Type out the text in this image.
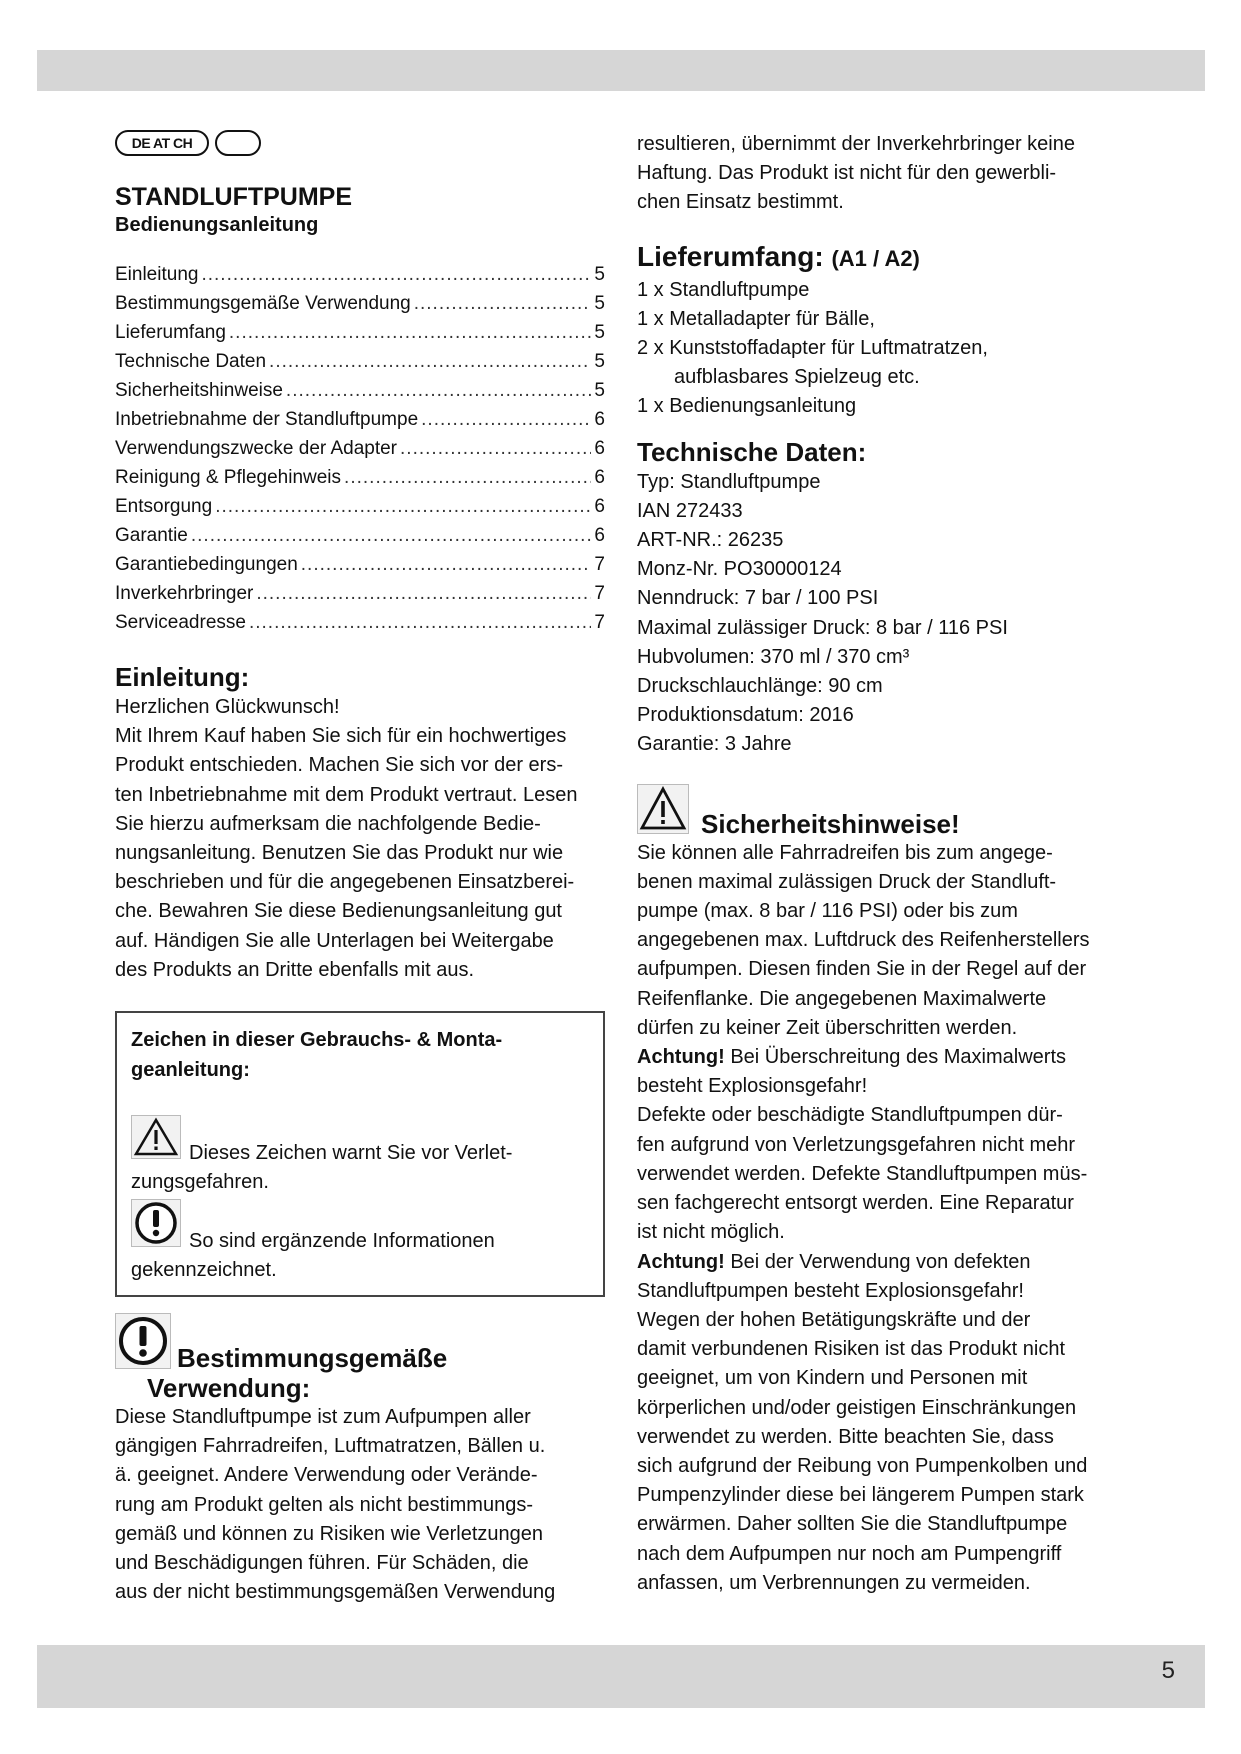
DE AT CH
STANDLUFTPUMPE
Bedienungsanleitung
Einleitung .....	5
Bestimmungsgemäße Verwendung .....	5
Lieferumfang .....	5
Technische Daten .....	5
Sicherheitshinweise .....	5
Inbetriebnahme der Standluftpumpe .....	6
Verwendungszwecke der Adapter .....	6
Reinigung & Pflegehinweis .....	6
Entsorgung .....	6
Garantie .....	6
Garantiebedingungen .....	7
Inverkehrbringer .....	7
Serviceadresse .....	7
Einleitung:

Herzlichen Glückwunsch!

Mit Ihrem Kauf haben Sie sich für ein hochwertiges

Produkt entschieden. Machen Sie sich vor der ers-

ten Inbetriebnahme mit dem Produkt vertraut. Lesen

Sie hierzu aufmerksam die nachfolgende Bedie-

nungsanleitung. Benutzen Sie das Produkt nur wie

beschrieben und für die angegebenen Einsatzberei-

che. Bewahren Sie diese Bedienungsanleitung gut

auf. Händigen Sie alle Unterlagen bei Weitergabe

des Produkts an Dritte ebenfalls mit aus.

Zeichen in dieser Gebrauchs- & Monta-
geanleitung:
Dieses Zeichen warnt Sie vor Verlet-
zungsgefahren.
So sind ergänzende Informationen
gekennzeichnet.
Bestimmungsgemäße
Verwendung:

Diese Standluftpumpe ist zum Aufpumpen aller

gängigen Fahrradreifen, Luftmatratzen, Bällen u.

ä. geeignet. Andere Verwendung oder Verände-

rung am Produkt gelten als nicht bestimmungs-

gemäß und können zu Risiken wie Verletzungen

und Beschädigungen führen. Für Schäden, die

aus der nicht bestimmungsgemäßen Verwendung

resultieren, übernimmt der Inverkehrbringer keine

Haftung. Das Produkt ist nicht für den gewerbli-

chen Einsatz bestimmt.

Lieferumfang: (A1 / A2)
1 x Standluftpumpe
1 x Metalladapter für Bälle,
2 x Kunststoffadapter für Luftmatratzen,
aufblasbares Spielzeug etc.
1 x Bedienungsanleitung
Technische Daten:

Typ: Standluftpumpe

IAN 272433

ART-NR.: 26235

Monz-Nr. PO30000124

Nenndruck: 7 bar / 100 PSI

Maximal zulässiger Druck: 8 bar / 116 PSI

Hubvolumen: 370 ml / 370 cm³

Druckschlauchlänge: 90 cm

Produktionsdatum: 2016

Garantie: 3 Jahre

Sicherheitshinweise!

Sie können alle Fahrradreifen bis zum angege-

benen maximal zulässigen Druck der Standluft-

pumpe (max. 8 bar / 116 PSI) oder bis zum

angegebenen max. Luftdruck des Reifenherstellers

aufpumpen. Diesen finden Sie in der Regel auf der

Reifenflanke. Die angegebenen Maximalwerte

dürfen zu keiner Zeit überschritten werden.

Achtung! Bei Überschreitung des Maximalwerts

besteht Explosionsgefahr!

Defekte oder beschädigte Standluftpumpen dür-

fen aufgrund von Verletzungsgefahren nicht mehr

verwendet werden. Defekte Standluftpumpen müs-

sen fachgerecht entsorgt werden. Eine Reparatur

ist nicht möglich.

Achtung! Bei der Verwendung von defekten

Standluftpumpen besteht Explosionsgefahr!

Wegen der hohen Betätigungskräfte und der

damit verbundenen Risiken ist das Produkt nicht

geeignet, um von Kindern und Personen mit

körperlichen und/oder geistigen Einschränkungen

verwendet zu werden. Bitte beachten Sie, dass

sich aufgrund der Reibung von Pumpenkolben und

Pumpenzylinder diese bei längerem Pumpen stark

erwärmen. Daher sollten Sie die Standluftpumpe

nach dem Aufpumpen nur noch am Pumpengriff

anfassen, um Verbrennungen zu vermeiden.

5
